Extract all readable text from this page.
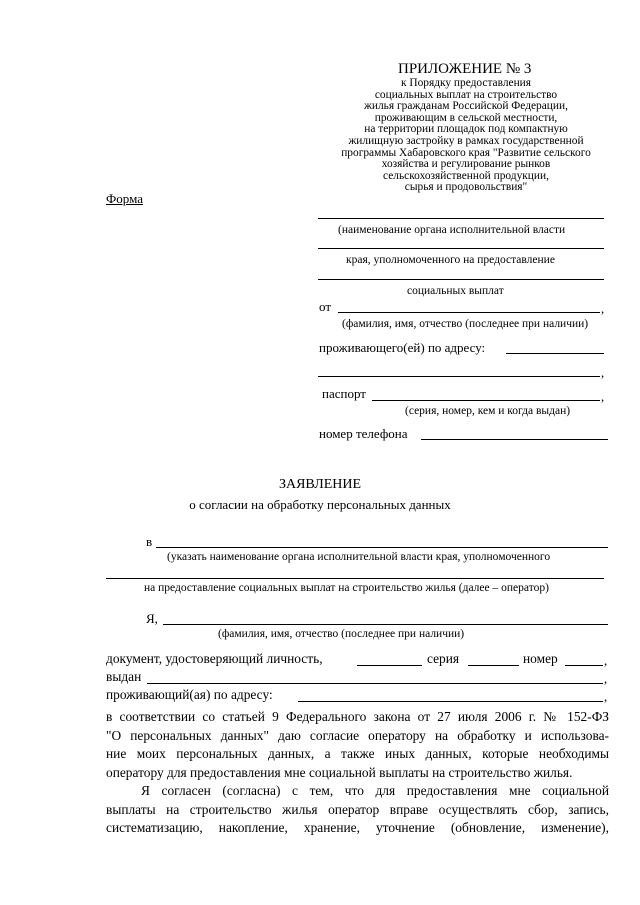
ПРИЛОЖЕНИЕ № 3
к Порядку предоставления
социальных выплат на строительство
жилья гражданам Российской Федерации,
проживающим в сельской местности,
на территории площадок под компактную
жилищную застройку в рамках государственной
программы Хабаровского края "Развитие сельского
хозяйства и регулирование рынков
сельскохозяйственной продукции,
сырья и продовольствия"
Форма
(наименование органа исполнительной власти
края, уполномоченного на предоставление
социальных выплат
от	,
(фамилия, имя, отчество (последнее при наличии)
проживающего(ей) по адресу:
,
паспорт	,
(серия, номер, кем и когда выдан)
номер телефона
ЗАЯВЛЕНИЕ
о согласии на обработку персональных данных
в
(указать наименование органа исполнительной власти края, уполномоченного
на предоставление социальных выплат на строительство жилья (далее – оператор)
Я,
(фамилия, имя, отчество (последнее при наличии)
документ, удостоверяющий личность,	серия	номер	,
выдан	,
проживающий(ая) по адресу:	,
в соответствии со статьей 9 Федерального закона от 27 июля 2006 г. № 152-ФЗ
"О персональных данных" даю согласие оператору на обработку и использова-
ние моих персональных данных, а также иных данных, которые необходимы
оператору для предоставления мне социальной выплаты на строительство жилья.
Я согласен (согласна) с тем, что для предоставления мне социальной
выплаты на строительство жилья оператор вправе осуществлять сбор, запись,
систематизацию, накопление, хранение, уточнение (обновление, изменение),
